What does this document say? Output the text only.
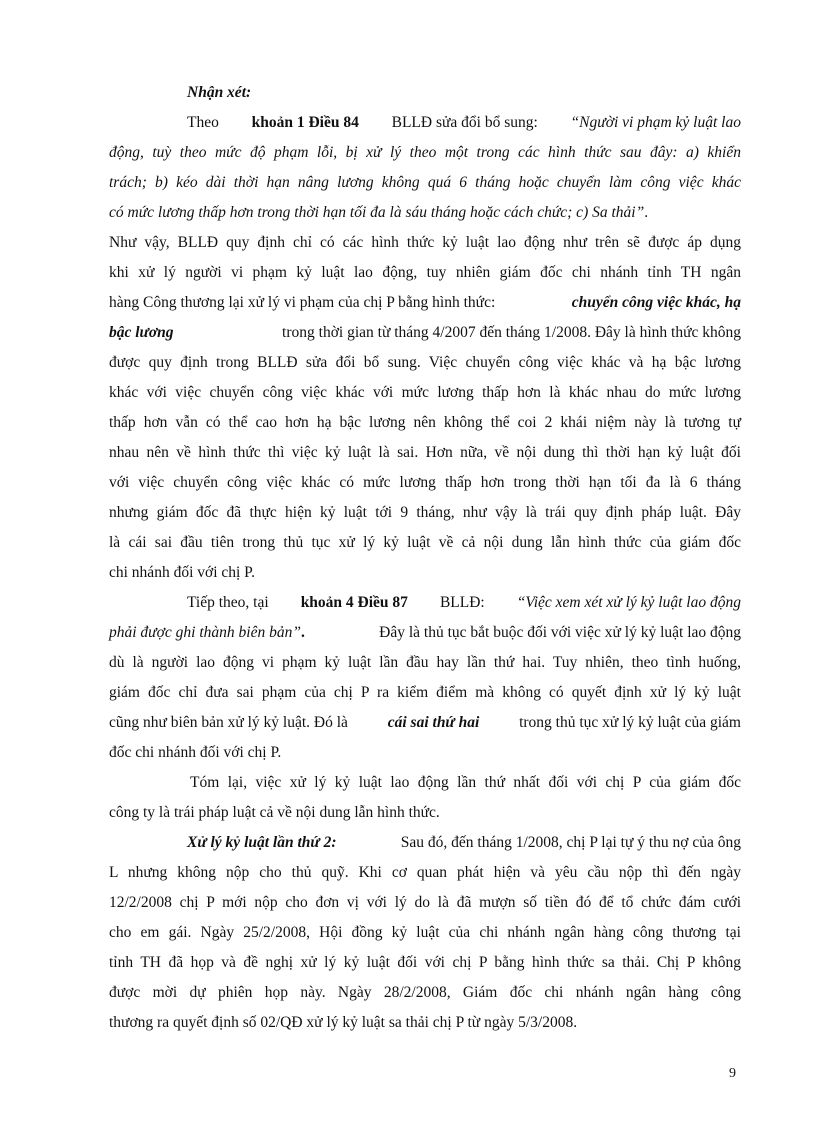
Nhận xét:
Theo khoản 1 Điều 84 BLLĐ sửa đổi bổ sung: “Người vi phạm kỷ luật lao
động, tuỳ theo mức độ phạm lỗi, bị xử lý theo một trong các hình thức sau đây: a) khiển
trách; b) kéo dài thời hạn nâng lương không quá 6 tháng hoặc chuyển làm công việc khác
có mức lương thấp hơn trong thời hạn tối đa là sáu tháng hoặc cách chức; c) Sa thải”.
Như vậy, BLLĐ quy định chỉ có các hình thức kỷ luật lao động như trên sẽ được áp dụng
khi xử lý người vi phạm kỷ luật lao động, tuy nhiên giám đốc chi nhánh tỉnh TH ngân
hàng Công thương lại xử lý vi phạm của chị P bằng hình thức:	chuyển công việc khác, hạ
bậc lương	trong thời gian từ tháng 4/2007 đến tháng 1/2008. Đây là hình thức không
được quy định trong BLLĐ sửa đổi bổ sung. Việc chuyển công việc khác và hạ bậc lương
khác với việc chuyển công việc khác với mức lương thấp hơn là khác nhau do mức lương
thấp hơn vẫn có thể cao hơn hạ bậc lương nên không thể coi 2 khái niệm này là tương tự
nhau nên về hình thức thì việc kỷ luật là sai. Hơn nữa, về nội dung thì thời hạn kỷ luật đối
với việc chuyển công việc khác có mức lương thấp hơn trong thời hạn tối đa là 6 tháng
nhưng giám đốc đã thực hiện kỷ luật tới 9 tháng, như vậy là trái quy định pháp luật. Đây
là cái sai đầu tiên trong thủ tục xử lý kỷ luật về cả nội dung lẫn hình thức của giám đốc
chi nhánh đối với chị P.
Tiếp theo, tại khoản 4 Điều 87 BLLĐ: “Việc xem xét xử lý kỷ luật lao động
phải được ghi thành biên bản”.	Đây là thủ tục bắt buộc đối với việc xử lý kỷ luật lao động
dù là người lao động vi phạm kỷ luật lần đầu hay lần thứ hai. Tuy nhiên, theo tình huống,
giám đốc chỉ đưa sai phạm của chị P ra kiểm điểm mà không có quyết định xử lý kỷ luật
cũng như biên bản xử lý kỷ luật. Đó là	cái sai thứ hai	trong thủ tục xử lý kỷ luật của giám
đốc chi nhánh đối với chị P.
Tóm lại, việc xử lý kỷ luật lao động lần thứ nhất đối với chị P của giám đốc
công ty là trái pháp luật cả về nội dung lẫn hình thức.
Xử lý kỷ luật lần thứ 2:	Sau đó, đến tháng 1/2008, chị P lại tự ý thu nợ của ông
L nhưng không nộp cho thủ quỹ. Khi cơ quan phát hiện và yêu cầu nộp thì đến ngày
12/2/2008 chị P mới nộp cho đơn vị với lý do là đã mượn số tiền đó để tổ chức đám cưới
cho em gái. Ngày 25/2/2008, Hội đồng kỷ luật của chi nhánh ngân hàng công thương tại
tỉnh TH đã họp và đề nghị xử lý kỷ luật đối với chị P bằng hình thức sa thải. Chị P không
được mời dự phiên họp này. Ngày 28/2/2008, Giám đốc chi nhánh ngân hàng công
thương ra quyết định số 02/QĐ xử lý kỷ luật sa thải chị P từ ngày 5/3/2008.
9
